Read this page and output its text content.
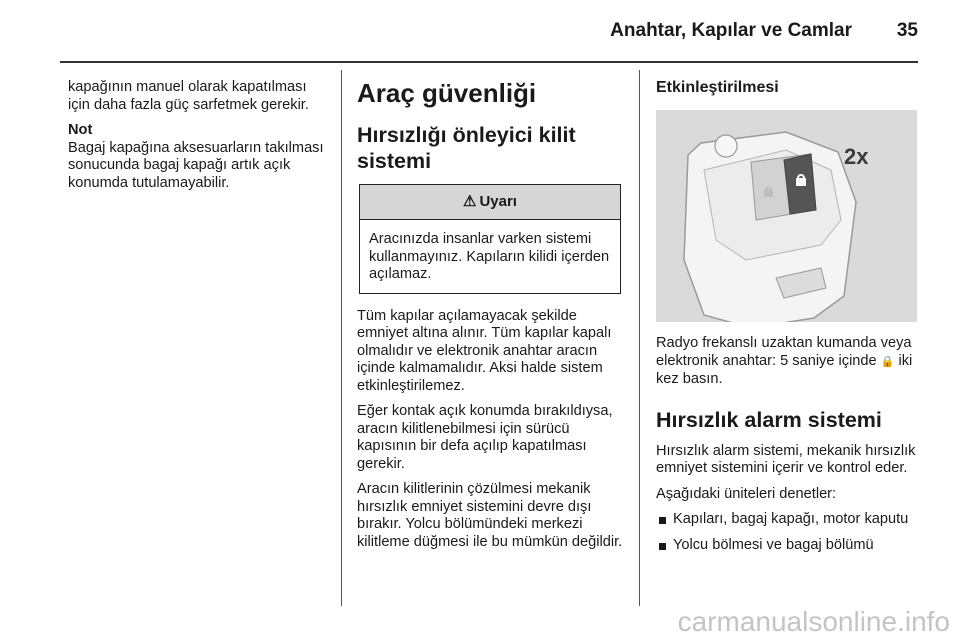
Anahtar, Kapılar ve Camlar 35

kapağının manuel olarak kapatılması için daha fazla güç sarfetmek gerekir.

Not

Bagaj kapağına aksesuarların takılması sonucunda bagaj kapağı artık açık konumda tutulamayabilir.

Araç güvenliği
Hırsızlığı önleyici kilit sistemi
⚠ Uyarı
Aracınızda insanlar varken sistemi kullanmayınız. Kapıların kilidi içerden açılamaz.

Tüm kapılar açılamayacak şekilde emniyet altına alınır. Tüm kapılar kapalı olmalıdır ve elektronik anahtar aracın içinde kalmamalıdır. Aksi halde sistem etkinleştirilemez.

Eğer kontak açık konumda bırakıldıysa, aracın kilitlenebilmesi için sürücü kapısının bir defa açılıp kapatılması gerekir.

Aracın kilitlerinin çözülmesi mekanik hırsızlık emniyet sistemini devre dışı bırakır. Yolcu bölümündeki merkezi kilitleme düğmesi ile bu mümkün değildir.

Etkinleştirilmesi
2x

Radyo frekanslı uzaktan kumanda veya elektronik anahtar: 5 saniye içinde 🔒 iki kez basın.

Hırsızlık alarm sistemi

Hırsızlık alarm sistemi, mekanik hırsızlık emniyet sistemini içerir ve kontrol eder.

Aşağıdaki üniteleri denetler:

Kapıları, bagaj kapağı, motor kaputu
Yolcu bölmesi ve bagaj bölümü
carmanualsonline.info
